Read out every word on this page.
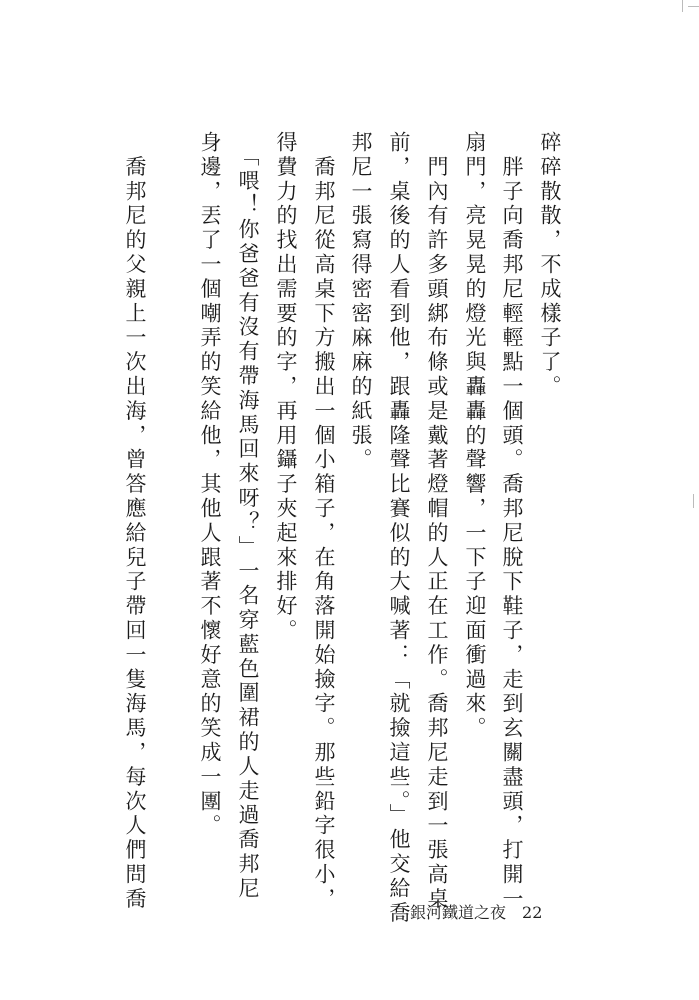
碎碎散散，不成樣子了。
　胖子向喬邦尼輕輕點一個頭。喬邦尼脫下鞋子，走到玄關盡頭，打開一
扇門，亮晃晃的燈光與轟轟的聲響，一下子迎面衝過來。
　門內有許多頭綁布條或是戴著燈帽的人正在工作。喬邦尼走到一張高桌
前，桌後的人看到他，跟轟隆聲比賽似的大喊著：「就撿這些。」他交給喬
邦尼一張寫得密密麻麻的紙張。
　喬邦尼從高桌下方搬出一個小箱子，在角落開始撿字。那些鉛字很小，
得費力的找出需要的字，再用鑷子夾起來排好。
　「喂！你爸爸有沒有帶海馬回來呀？」一名穿藍色圍裙的人走過喬邦尼
身邊，丟了一個嘲弄的笑給他，其他人跟著不懷好意的笑成一團。
　喬邦尼的父親上一次出海，曾答應給兒子帶回一隻海馬，每次人們問喬
銀河鐵道之夜 22
